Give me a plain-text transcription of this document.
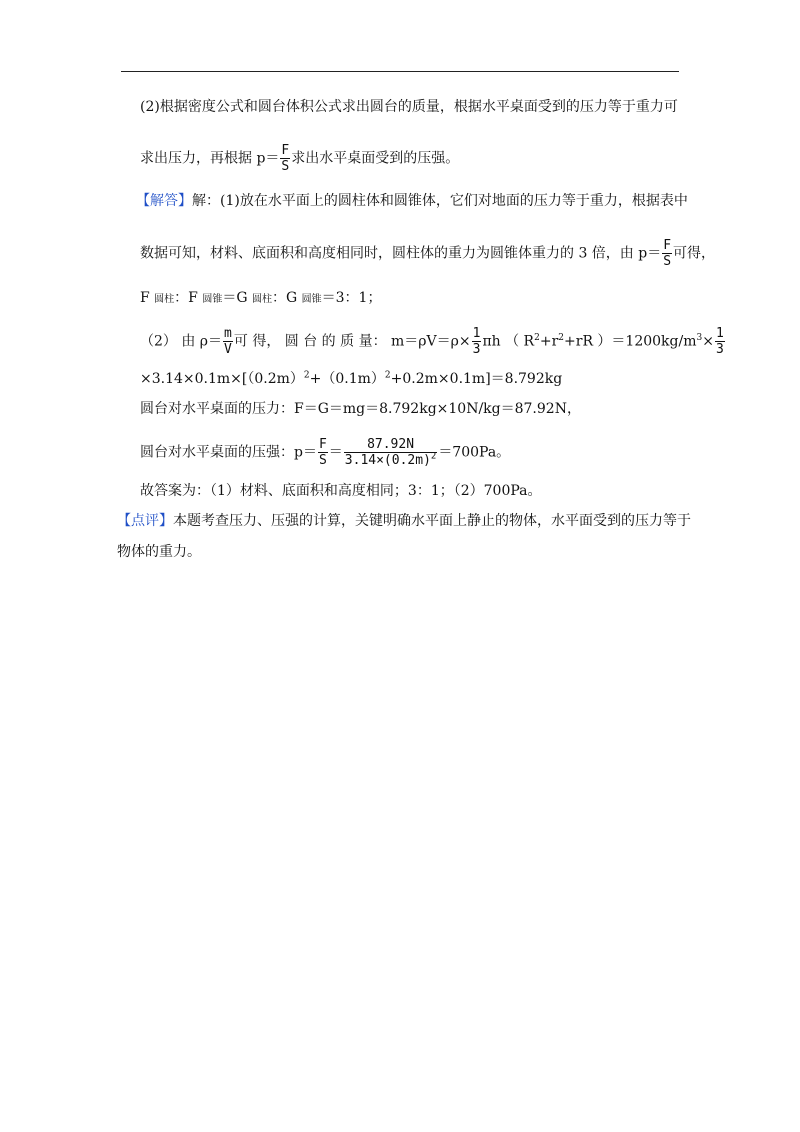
(2)根据密度公式和圆台体积公式求出圆台的质量，根据水平桌面受到的压力等于重力可
求出压力，再根据 $p= \frac{F}{S}$ 求出水平桌面受到的压强。
【解答】解：(1)放在水平面上的圆柱体和圆锥体，它们对地面的压力等于重力，根据表中
数据可知，材料、底面积和高度相同时，圆柱体的重力为圆锥体重力的 3 倍，由 $p= \frac{F}{S}$ 可得，
F 圆柱：F 圆锥＝G 圆柱：G 圆锥＝3：1；
（2） 由 $\rho= \frac{m}{V}$ 可 得， 圆 台 的 质 量： $m=\rho V=\rho\times \frac{1}{3}$ πh （ $R^2+r^2+rR$ ）$=1200kg/m^3\times \frac{1}{3}$
$\times 3.14\times 0.1m\times[(0.2m)^2+(0.1m)^2+0.2m\times 0.1m]=8.792kg$
圆台对水平桌面的压力：F＝G＝mg＝8.792kg×10N/kg＝87.92N，
圆台对水平桌面的压强：$p= \frac{F}{S} = \frac{87.92N}{3.14\times(0.2m)^2} =700Pa$。
故答案为：（1）材料、底面积和高度相同；3：1；（2）700Pa。
【点评】本题考查压力、压强的计算，关键明确水平面上静止的物体，水平面受到的压力等于
物体的重力。
